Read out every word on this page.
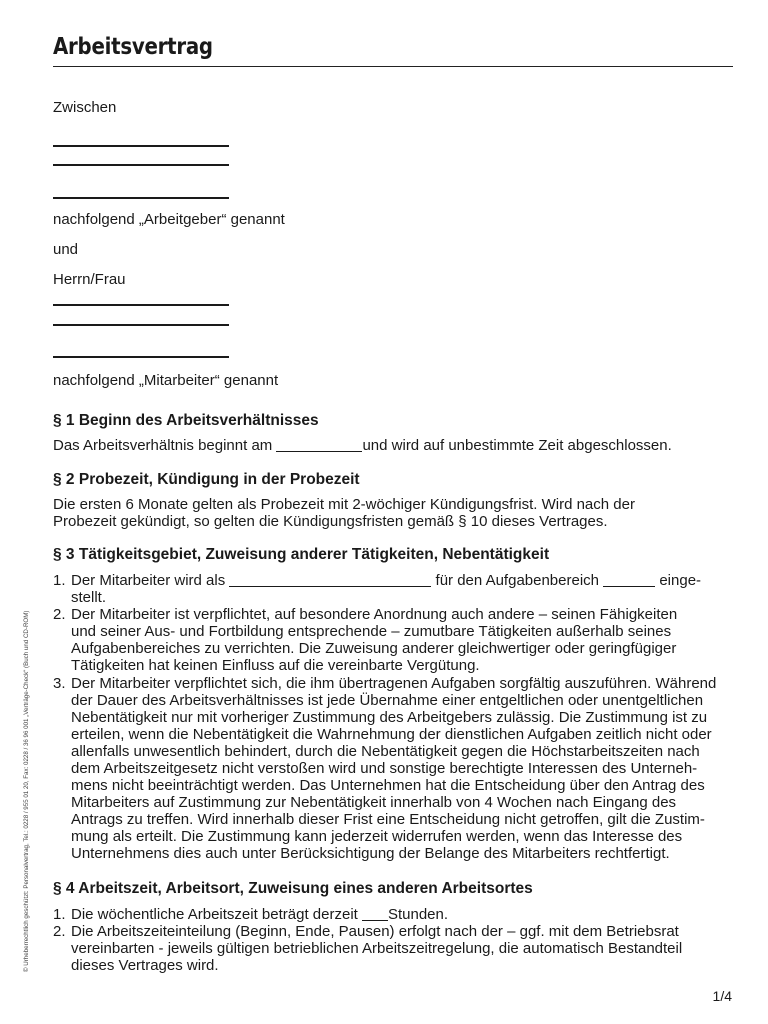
Arbeitsvertrag
Zwischen
nachfolgend „Arbeitgeber“ genannt
und
Herrn/Frau
nachfolgend „Mitarbeiter“ genannt
§ 1 Beginn des Arbeitsverhältnisses
Das Arbeitsverhältnis beginnt am	und wird auf unbestimmte Zeit abgeschlossen.
§ 2 Probezeit, Kündigung in der Probezeit
Die ersten 6 Monate gelten als Probezeit mit 2-wöchiger Kündigungsfrist. Wird nach der
Probezeit gekündigt, so gelten die Kündigungsfristen gemäß § 10 dieses Vertrages.
§ 3 Tätigkeitsgebiet, Zuweisung anderer Tätigkeiten, Nebentätigkeit
1. Der Mitarbeiter wird als	für den Aufgabenbereich	einge-
stellt.
2. Der Mitarbeiter ist verpflichtet, auf besondere Anordnung auch andere – seinen Fähigkeiten
und seiner Aus- und Fortbildung entsprechende – zumutbare Tätigkeiten außerhalb seines
Aufgabenbereiches zu verrichten. Die Zuweisung anderer gleichwertiger oder geringfügiger
Tätigkeiten hat keinen Einfluss auf die vereinbarte Vergütung.
3. Der Mitarbeiter verpflichtet sich, die ihm übertragenen Aufgaben sorgfältig auszuführen. Während
der Dauer des Arbeitsverhältnisses ist jede Übernahme einer entgeltlichen oder unentgeltlichen
Nebentätigkeit nur mit vorheriger Zustimmung des Arbeitgebers zulässig. Die Zustimmung ist zu
erteilen, wenn die Nebentätigkeit die Wahrnehmung der dienstlichen Aufgaben zeitlich nicht oder
allenfalls unwesentlich behindert, durch die Nebentätigkeit gegen die Höchstarbeitszeiten nach
dem Arbeitszeitgesetz nicht verstoßen wird und sonstige berechtigte Interessen des Unterneh-
mens nicht beeinträchtigt werden. Das Unternehmen hat die Entscheidung über den Antrag des
Mitarbeiters auf Zustimmung zur Nebentätigkeit innerhalb von 4 Wochen nach Eingang des
Antrags zu treffen. Wird innerhalb dieser Frist eine Entscheidung nicht getroffen, gilt die Zustim-
mung als erteilt. Die Zustimmung kann jederzeit widerrufen werden, wenn das Interesse des
Unternehmens dies auch unter Berücksichtigung der Belange des Mitarbeiters rechtfertigt.
§ 4 Arbeitszeit, Arbeitsort, Zuweisung eines anderen Arbeitsortes
1. Die wöchentliche Arbeitszeit beträgt derzeit Stunden.
2. Die Arbeitszeiteinteilung (Beginn, Ende, Pausen) erfolgt nach der – ggf. mit dem Betriebsrat
vereinbarten - jeweils gültigen betrieblichen Arbeitszeitregelung, die automatisch Bestandteil
dieses Vertrages wird.
© Urheberrechtlich geschützt: Personalvertrag, Tel.: 0228 / 955 01 20, Fax: 0228 / 36 96 001 „Verträge-Check“ (Buch und CD-ROM)
1/4
